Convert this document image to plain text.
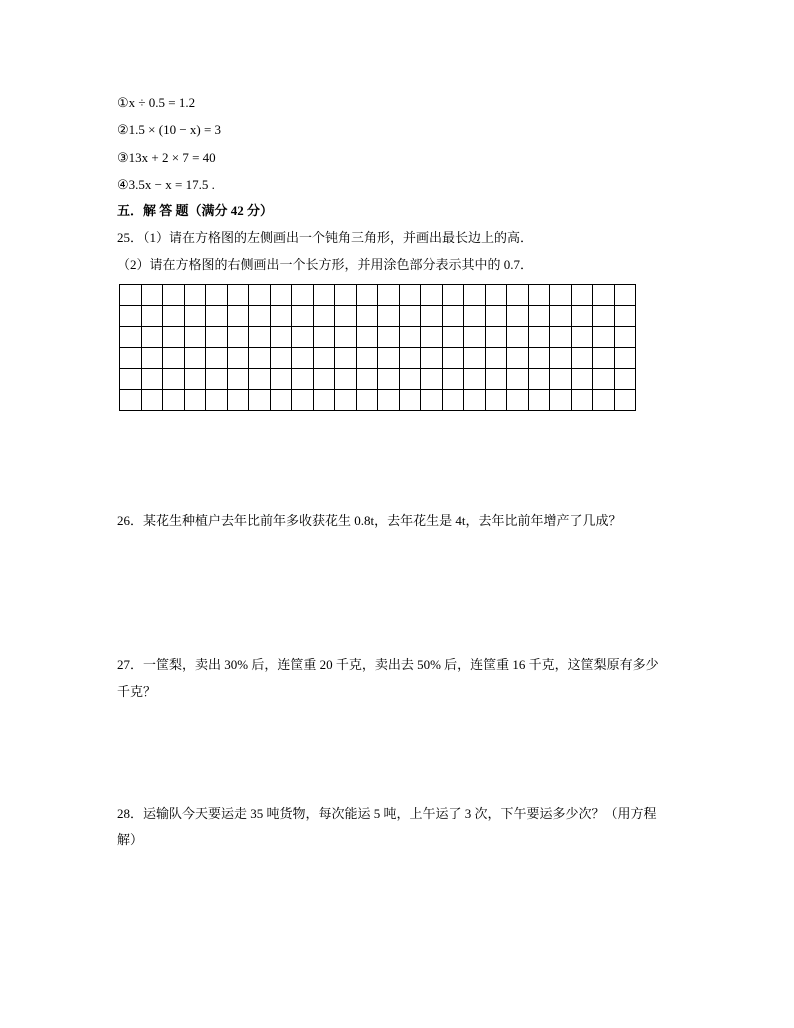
①x ÷ 0.5 = 1.2
②1.5 × (10 − x) = 3
③13x + 2 × 7 = 40
④3.5x − x = 17.5 .
五．解 答 题（满分 42 分）
25．（1）请在方格图的左侧画出一个钝角三角形，并画出最长边上的高．
（2）请在方格图的右侧画出一个长方形，并用涂色部分表示其中的 0.7．
26．某花生种植户去年比前年多收获花生 0.8t，去年花生是 4t，去年比前年增产了几成？
27．一筐梨，卖出 30% 后，连筐重 20 千克，卖出去 50% 后，连筐重 16 千克，这筐梨原有多少
千克？
28．运输队今天要运走 35 吨货物，每次能运 5 吨，上午运了 3 次，下午要运多少次？（用方程
解）
